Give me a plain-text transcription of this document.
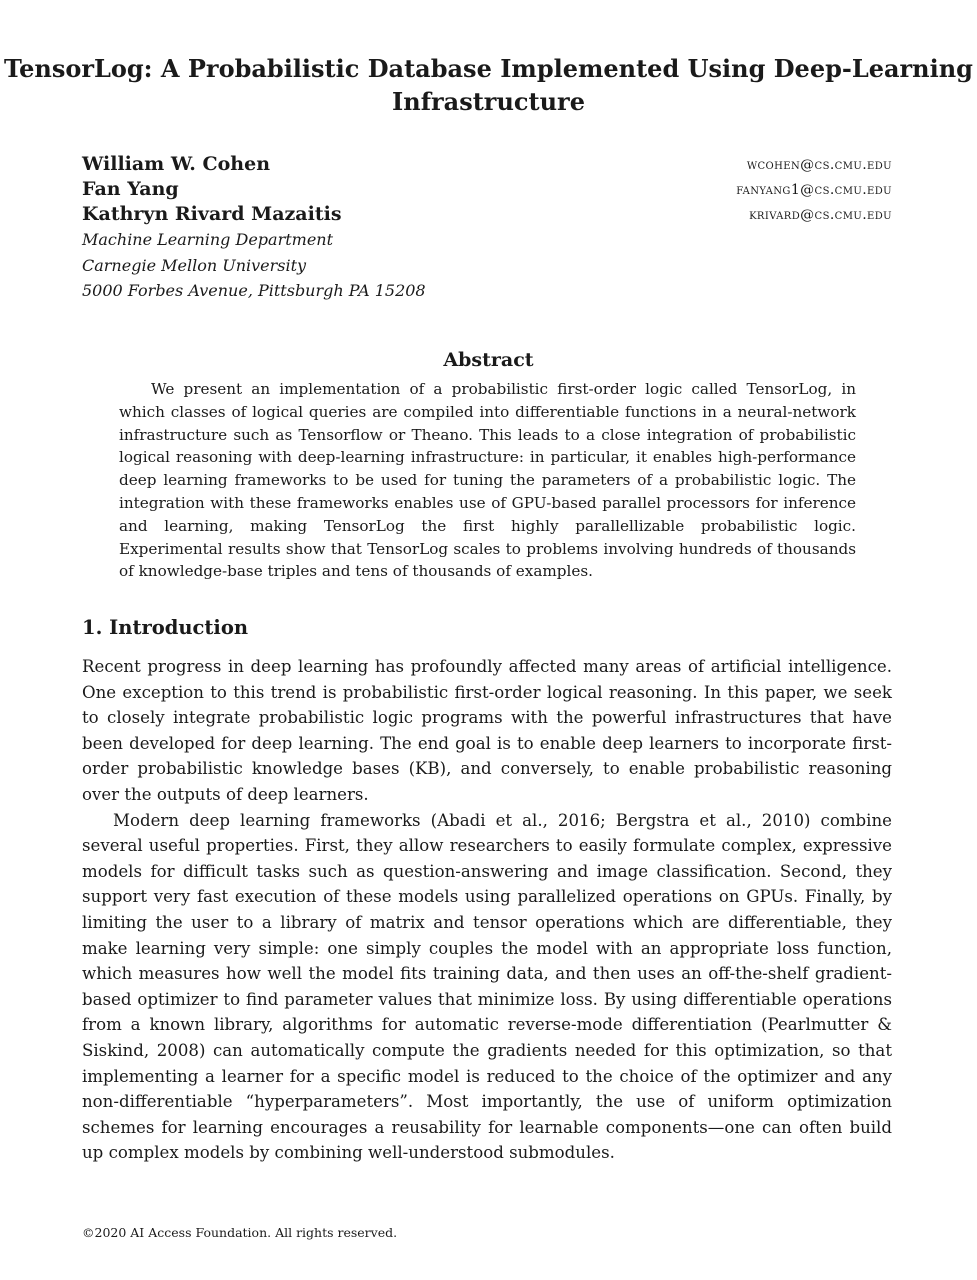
TensorLog: A Probabilistic Database Implemented Using Deep-Learning Infrastructure
William W. Cohen	wcohen@cs.cmu.edu
Fan Yang	fanyang1@cs.cmu.edu
Kathryn Rivard Mazaitis	krivard@cs.cmu.edu
Machine Learning Department
Carnegie Mellon University
5000 Forbes Avenue, Pittsburgh PA 15208
Abstract
We present an implementation of a probabilistic first-order logic called TensorLog, in which classes of logical queries are compiled into differentiable functions in a neural-network infrastructure such as Tensorflow or Theano. This leads to a close integration of probabilistic logical reasoning with deep-learning infrastructure: in particular, it enables high-performance deep learning frameworks to be used for tuning the parameters of a probabilistic logic. The integration with these frameworks enables use of GPU-based parallel processors for inference and learning, making TensorLog the first highly parallellizable probabilistic logic. Experimental results show that TensorLog scales to problems involving hundreds of thousands of knowledge-base triples and tens of thousands of examples.
1. Introduction

Recent progress in deep learning has profoundly affected many areas of artificial intelligence. One exception to this trend is probabilistic first-order logical reasoning. In this paper, we seek to closely integrate probabilistic logic programs with the powerful infrastructures that have been developed for deep learning. The end goal is to enable deep learners to incorporate first-order probabilistic knowledge bases (KB), and conversely, to enable probabilistic reasoning over the outputs of deep learners.

Modern deep learning frameworks (Abadi et al., 2016; Bergstra et al., 2010) combine several useful properties. First, they allow researchers to easily formulate complex, expressive models for difficult tasks such as question-answering and image classification. Second, they support very fast execution of these models using parallelized operations on GPUs. Finally, by limiting the user to a library of matrix and tensor operations which are differentiable, they make learning very simple: one simply couples the model with an appropriate loss function, which measures how well the model fits training data, and then uses an off-the-shelf gradient-based optimizer to find parameter values that minimize loss. By using differentiable operations from a known library, algorithms for automatic reverse-mode differentiation (Pearlmutter & Siskind, 2008) can automatically compute the gradients needed for this optimization, so that implementing a learner for a specific model is reduced to the choice of the optimizer and any non-differentiable “hyperparameters”. Most importantly, the use of uniform optimization schemes for learning encourages a reusability for learnable components—one can often build up complex models by combining well-understood submodules.

©2020 AI Access Foundation. All rights reserved.
